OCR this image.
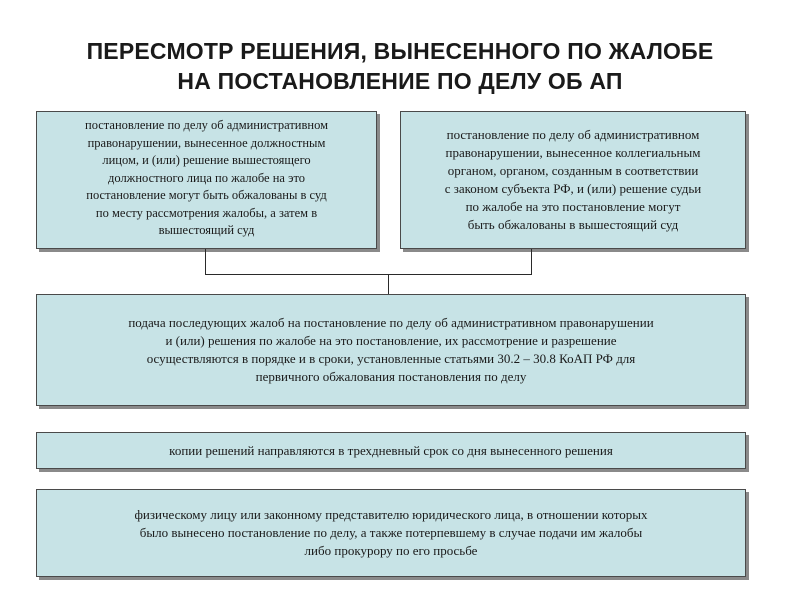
ПЕРЕСМОТР РЕШЕНИЯ, ВЫНЕСЕННОГО ПО ЖАЛОБЕ
НА ПОСТАНОВЛЕНИЕ ПО ДЕЛУ ОБ АП
постановление по делу об административном
правонарушении, вынесенное должностным
лицом, и (или) решение вышестоящего
должностного лица по жалобе на это
постановление могут быть обжалованы в суд
по месту рассмотрения жалобы, а затем в
вышестоящий суд
постановление по делу об административном
правонарушении, вынесенное коллегиальным
органом, органом, созданным в соответствии
с законом субъекта РФ, и (или) решение судьи
по жалобе на это постановление могут
быть обжалованы в вышестоящий суд
подача последующих жалоб на постановление по делу об административном правонарушении
и (или) решения по жалобе на это постановление, их рассмотрение и разрешение
осуществляются в порядке и в сроки, установленные статьями 30.2 – 30.8 КоАП РФ для
первичного обжалования постановления по делу
копии решений направляются в трехдневный срок со дня вынесенного решения
физическому лицу или законному представителю юридического лица, в отношении которых
было вынесено постановление по делу, а также потерпевшему в случае подачи им жалобы
либо прокурору по его просьбе
